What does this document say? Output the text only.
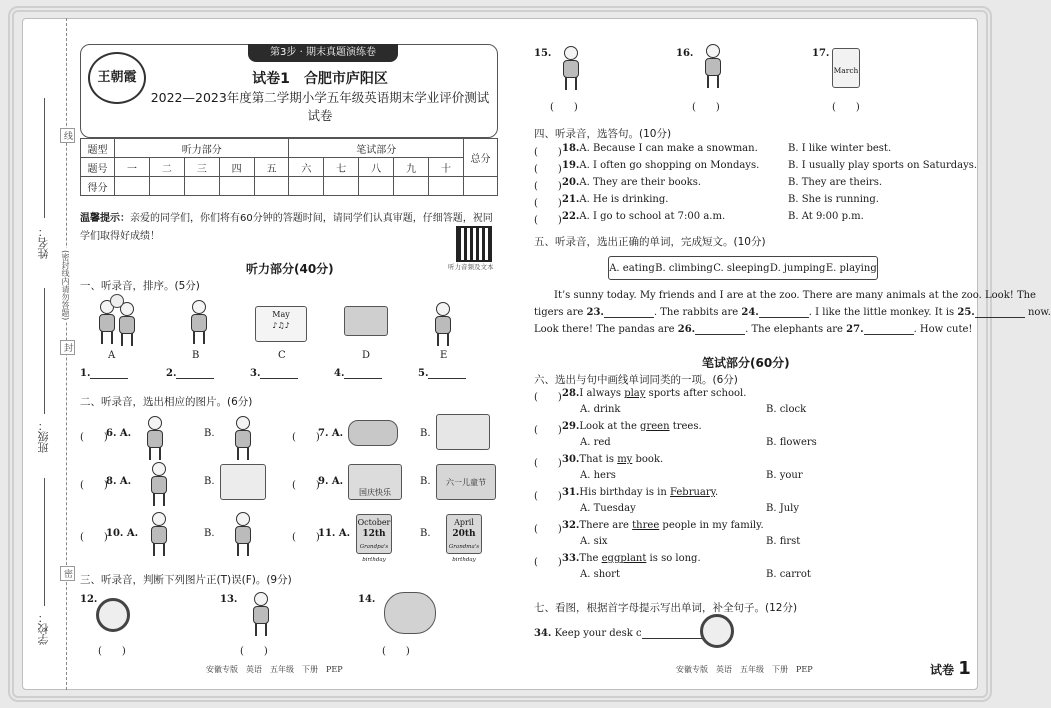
姓名：
班级：
学校：
线
(密封线内请勿答题)
封
密
第3步 · 期末真题演练卷
王朝霞	试卷1　合肥市庐阳区
2022—2023年度第二学期小学五年级英语期末学业评价测试试卷
题型	听力部分					笔试部分					总分
题号	一	二	三	四	五	六	七	八	九	十	
得分											
温馨提示：亲爱的同学们，你们将有60分钟的答题时间，请同学们认真审题，仔细答题，祝同学们取得好成绩！
听力音频及文本
听力部分(40分)
一、听录音，排序。(5分)
May
♪♫♪
A	B	C	D	E
1.	2.	3.	4.	5.
二、听录音，选出相应的图片。(6分)
(　　)
6. A.	B.	(　　)
7. A.	B.
(　　)
8. A.	B.	(　　)
9. A.
国庆快乐
B.	六一儿童节
(　　)
10. A.	B.	(　　)
11. A.
October
12th
Grandpa's birthday
B.
April
20th
Grandma's birthday
三、听录音，判断下列图片正(T)误(F)。(9分)
12.
(　　)
13.
(　　)
14.
(　　)
15.
(　　)
16.
(　　)
17.
March
(　　)
四、听录音，选答句。(10分)
(　　) 18.A. Because I can make a snowman.	B. I like winter best.
(　　) 19.A. I often go shopping on Mondays.	B. I usually play sports on Saturdays.
(　　) 20.A. They are their books.	B. They are theirs.
(　　) 21.A. He is drinking.	B. She is running.
(　　) 22.A. I go to school at 7:00 a.m.	B. At 9:00 p.m.
五、听录音，选出正确的单词，完成短文。(10分)
A. eating B. climbing C. sleeping D. jumping E. playing
It’s sunny today. My friends and I are at the zoo. There are many animals at the zoo. Look! The
tigers are 23.	. The rabbits are 24.	. I like the little monkey. It is 25.	now.
Look there! The pandas are 26.	. The elephants are 27.	. How cute!
笔试部分(60分)
六、选出与句中画线单词同类的一项。(6分)
(　　) 28.I always play sports after school.
A. drink	B. clock
(　　) 29.Look at the green trees.
A. red	B. flowers
(　　) 30.That is my book.
A. hers	B. your
(　　) 31.His birthday is in February.
A. Tuesday	B. July
(　　) 32.There are three people in my family.
A. six	B. first
(　　) 33.The eggplant is so long.
A. short	B. carrot
七、看图，根据首字母提示写出单词，补全句子。(12分)
34. Keep your desk c
安徽专版　英语　五年级　下册　PEP	安徽专版　英语　五年级　下册　PEP	试卷 1
